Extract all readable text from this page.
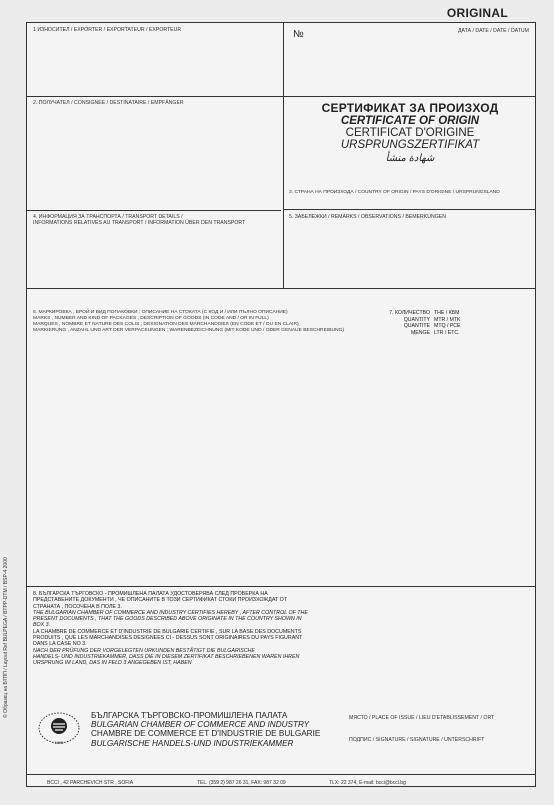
ORIGINAL
1 ИЗНОСИТЕЛ / EXPORTER / EXPORTATEUR / EXPORTEUR	№	ДАТА / DATE / DATE / DATUM
2. ПОЛУЧАТЕЛ / CONSIGNEE / DESTINATAIRE / EMPFÄNGER	СЕРТИФИКАТ ЗА ПРОИЗХОД
CERTIFICATE OF ORIGIN
CERTIFICAT D'ORIGINE
URSPRUNGSZERTIFIKAT
شهادة منشأ
3. СТРАНА НА ПРОИЗХОДА / COUNTRY OF ORIGIN / PAYS D'ORIGINE / URSPRUNGSLAND
4. ИНФОРМАЦИЯ ЗА ТРАНСПОРТА / TRANSPORT DETAILS /
INFORMATIONS RELATIVES AU TRANSPORT / INFORMATION ÜBER DEN TRANSPORT
5. ЗАБЕЛЕЖКИ / REMARKS / OBSERVATIONS / BEMERKUNGEN
6. МАРКИРОВКА , БРОЙ И ВИД ПОПАКОВКИ ; ОПИСАНИЕ НА СТОКАТА (С КОД И / ИЛИ ПЪЛНО ОПИСАНИЕ)
MARKS , NUMBER AND KIND OF PACKAGES ; DESCRIPTION OF GOODS (IN CODE AND / OR IN FULL)
MARQUES , NOMBRE ET NATURE DES COLIS ; DESIGNATION DES MARCHANDISES (EN CODE ET / OU EN CLAIR)
MARKIERUNG , ANZAHL UND ART DER VERPACKUNGEN ; WARENBEZEICHNUNG (MIT KODE UND / ODER GENAUE BESCHREIBUNG)
7. КОЛИЧЕСТВО ТНЕ / КБМ
QUANTITY MTR / MTK
QUANTITE MTQ / PCE
MENGE LTR / ETC.
8. БЪЛГАРСКА ТЪРГОВСКО - ПРОМИШЛЕНА ПАЛАТА УДОСТОВЕРЯВА СЛЕД ПРОВЕРКА НА
ПРЕДСТАВЕНИТЕ ДОКУМЕНТИ , ЧЕ ОПИСАНИТЕ В ТОЗИ СЕРТИФИКАТ СТОКИ ПРОИЗХОЖДАТ ОТ
СТРАНАТА , ПОСОЧЕНА В ПОЛЕ 3.
THE BULGARIAN CHAMBER OF COMMERCE AND INDUSTRY CERTIFIES HEREBY , AFTER CONTROL OF THE
PRESENT DOCUMENTS , THAT THE GOODS DESCRIBED ABOVE ORIGINATE IN THE COUNTRY SHOWN IN
BOX 3.
LA CHAMBRE DE COMMERCE ET D'INDUSTRIE DE BULGARIE CERTIFIE , SUR LA BASE DES DOCUMENTS
PRODUITS , QUE LES MARCHANDISES DESIGNEES CI - DESSUS SONT ORIGINAIRES DU PAYS FIGURANT
DANS LA CASE NO 3.
NACH DER PRÜFUNG DER VORGELEGTEN URKUNDEN BESTÄTIGT DIE BULGARISCHE
HANDELS- UND INDUSTRIEKAMMER, DASS DIE IN DIESEM ZERTIFIKAT BESCHRIEBENEN WAREN IHREN
URSPRUNG IM LAND, DAS IN FELD 3 ANGEGEBEN IST, HABEN
1895
БЪЛГАРСКА ТЪРГОВСКО-ПРОМИШЛЕНА ПАЛАТА
BULGARIAN CHAMBER OF COMMERCE AND INDUSTRY
CHAMBRE DE COMMERCE ET D'INDUSTRIE DE BULGARIE
BULGARISCHE HANDELS-UND INDUSTRIEKAMMER
МЯСТО / PLACE OF ISSUE / LIEU D'ETABLISSEMENT / ORT
ПОДПИС / SIGNATURE / SIGNATURE / UNTERSCHRIFT
BCCI , 42 PARCHEVICH STR , SOFIA	TEL. (359 2) 987 26 31, FAX: 987 32 09	TLX: 22 374, E-mail: bcci@bcci.bg
© Образец на БТПП / Layout Ref BULPEGA / BTPP-DTM / BSP-4 2000
